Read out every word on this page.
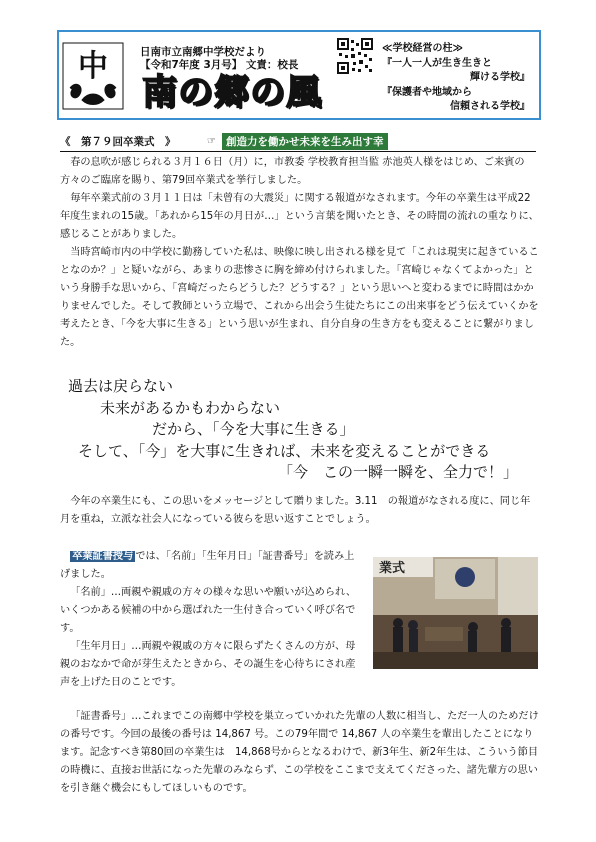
中	日南市立南郷中学校だより
【令和7年度 3月号】 文責：校長
南の郷の風
≪学校経営の柱≫
『一人一人が生き生きと
輝ける学校』
『保護者や地域から
信頼される学校』
《　第７９回卒業式　》	☞ 創造力を働かせ未来を生み出す幸

春の息吹が感じられる３月１６日（月）に，市教委 学校教育担当監 赤池英人様をはじめ、ご来賓の方々のご臨席を賜り、第79回卒業式を挙行しました。

毎年卒業式前の３月１１日は「未曾有の大震災」に関する報道がなされます。今年の卒業生は平成22年度生まれの15歳。「あれから15年の月日が…」という言葉を聞いたとき、その時間の流れの重なりに、感じることがありました。

当時宮崎市内の中学校に勤務していた私は、映像に映し出される様を見て「これは現実に起きていることなのか？」と疑いながら、あまりの悲惨さに胸を締め付けられました。「宮崎じゃなくてよかった」という身勝手な思いから、「宮崎だったらどうした？どうする？」という思いへと変わるまでに時間はかかりませんでした。そして教師という立場で、これから出会う生徒たちにこの出来事をどう伝えていくかを考えたとき、「今を大事に生きる」という思いが生まれ、自分自身の生き方をも変えることに繋がりました。

過去は戻らない
未来があるかもわからない
だから、「今を大事に生きる」
そして、「今」を大事に生きれば、未来を変えることができる
「今　この一瞬一瞬を、全力で！」

今年の卒業生にも、この思いをメッセージとして贈りました。3.11　の報道がなされる度に、同じ年月を重ね，立派な社会人になっている彼らを思い返すことでしょう。

卒業証書授与 では、「名前」「生年月日」「証書番号」を読み上げました。

「名前」…両親や親戚の方々の様々な思いや願いが込められ、いくつかある候補の中から選ばれた一生付き合っていく呼び名です。

「生年月日」…両親や親戚の方々に限らずたくさんの方が、母親のおなかで命が芽生えたときから、その誕生を心待ちにされ産声を上げた日のことです。

業式

「証書番号」…これまでこの南郷中学校を巣立っていかれた先輩の人数に相当し、ただ一人のためだけの番号です。今回の最後の番号は 14,867 号。この79年間で 14,867 人の卒業生を輩出したことになります。記念すべき第80回の卒業生は　14,868号からとなるわけで、新3年生、新2年生は、こういう節目の時機に、直接お世話になった先輩のみならず、この学校をここまで支えてくださった、諸先輩方の思いを引き継ぐ機会にもしてほしいものです。
